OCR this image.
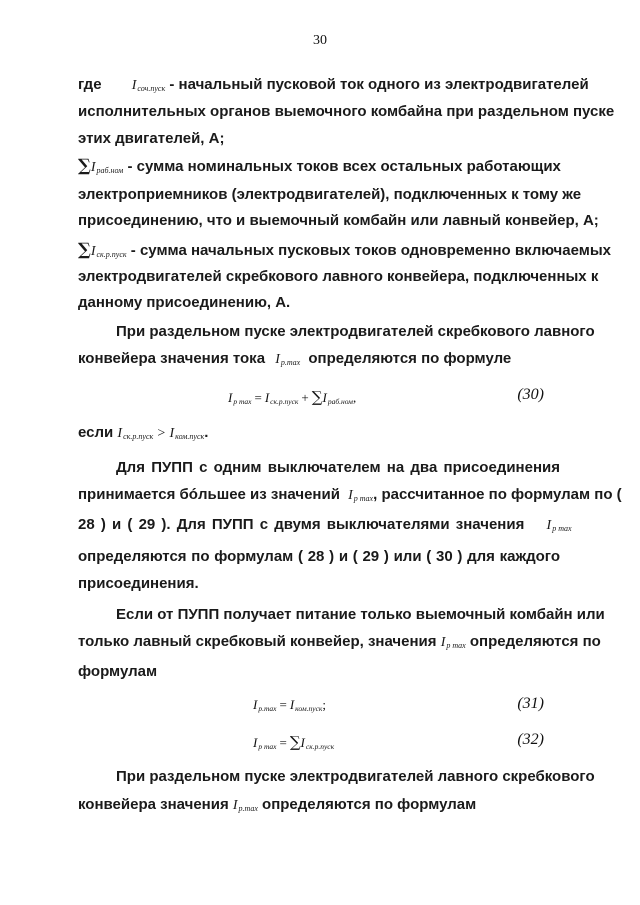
30
где $I_{соч.пуск}$ - начальный пусковой ток одного из электродвигателей
исполнительных органов выемочного комбайна при раздельном пуске
этих двигателей, А;
$\sum I_{раб.ном}$ - сумма номинальных токов всех остальных работающих
электроприемников (электродвигателей), подключенных к тому же
присоединению, что и выемочный комбайн или лавный конвейер, А;
$\sum I_{ск.р.пуск}$ - сумма начальных пусковых токов одновременно включаемых
электродвигателей скребкового лавного конвейера, подключенных к
данному присоединению, А.
При раздельном пуске электродвигателей скребкового лавного
конвейера значения тока $I_{р.max}$ определяются по формуле
$I_{р max} = I_{ск.р.пуск} + \sum I_{раб.ном}$,	(30)
если $I_{ск.р.пуск} > I_{ком.пуск}$.
Для ПУПП с одним выключателем на два присоединения
принимается бóльшее из значений $I_{р max}$, рассчитанное по формулам по (
28 ) и ( 29 ). Для ПУПП с двумя выключателями значения $I_{р max}$
определяются по формулам ( 28 ) и ( 29 ) или ( 30 ) для каждого
присоединения.
Если от ПУПП получает питание только выемочный комбайн или
только лавный скребковый конвейер, значения $I_{р max}$ определяются по
формулам
$I_{р.max} = I_{ком.пуск}$;	(31)
$I_{р max} = \sum I_{ск.р.пуск}$	(32)
При раздельном пуске электродвигателей лавного скребкового
конвейера значения $I_{р.max}$ определяются по формулам
